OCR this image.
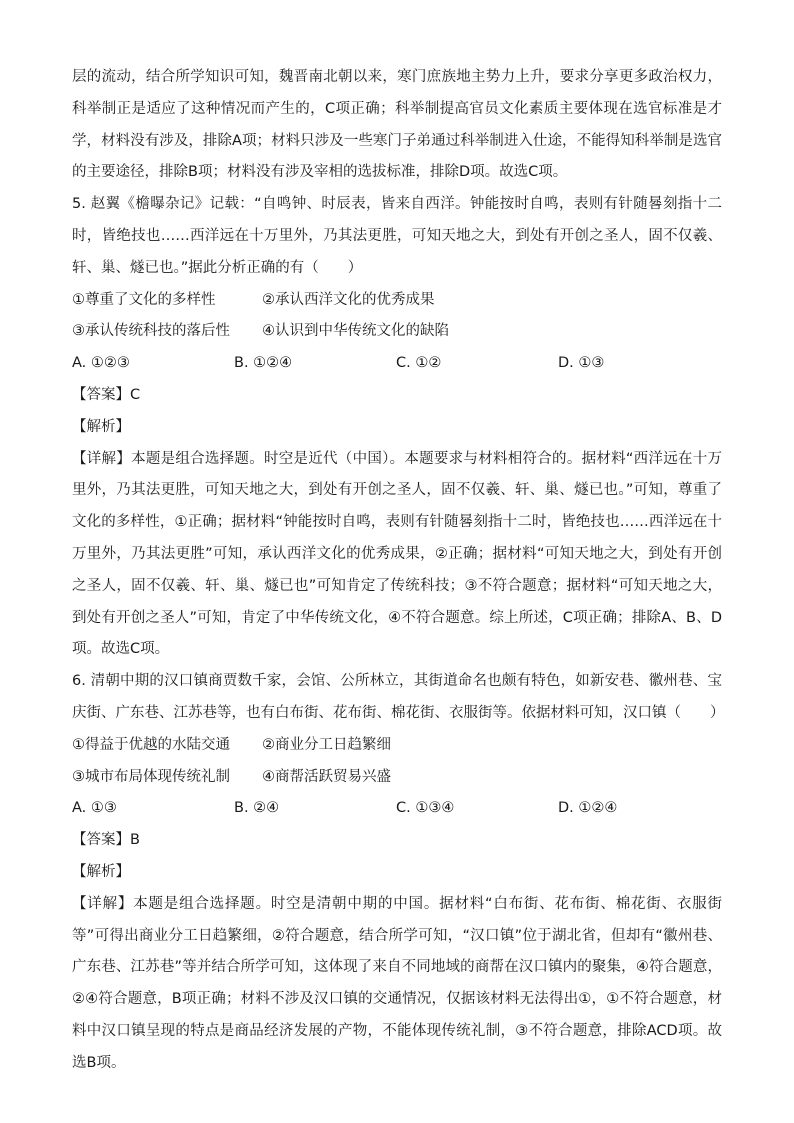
层的流动，结合所学知识可知，魏晋南北朝以来，寒门庶族地主势力上升，要求分享更多政治权力，科举制正是适应了这种情况而产生的，C项正确；科举制提高官员文化素质主要体现在选官标准是才学，材料没有涉及，排除A项；材料只涉及一些寒门子弟通过科举制进入仕途，不能得知科举制是选官的主要途径，排除B项；材料没有涉及宰相的选拔标准，排除D项。故选C项。

5. 赵翼《檐曝杂记》记载：“自鸣钟、时辰表，皆来自西洋。钟能按时自鸣，表则有针随晷刻指十二时，皆绝技也……西洋远在十万里外，乃其法更胜，可知天地之大，到处有开创之圣人，固不仅羲、轩、巢、燧已也。”据此分析正确的有（　　）

①尊重了文化的多样性	②承认西洋文化的优秀成果
③承认传统科技的落后性	④认识到中华传统文化的缺陷
A. ①②③	B. ①②④	C. ①②	D. ①③

【答案】C

【解析】

【详解】本题是组合选择题。时空是近代（中国）。本题要求与材料相符合的。据材料“西洋远在十万里外，乃其法更胜，可知天地之大，到处有开创之圣人，固不仅羲、轩、巢、燧已也。”可知，尊重了文化的多样性，①正确；据材料“钟能按时自鸣，表则有针随晷刻指十二时，皆绝技也……西洋远在十万里外，乃其法更胜”可知，承认西洋文化的优秀成果，②正确；据材料“可知天地之大，到处有开创之圣人，固不仅羲、轩、巢、燧已也”可知肯定了传统科技；③不符合题意；据材料“可知天地之大，到处有开创之圣人”可知，肯定了中华传统文化，④不符合题意。综上所述，C项正确；排除A、B、D项。故选C项。

6. 清朝中期的汉口镇商贾数千家，会馆、公所林立，其街道命名也颇有特色，如新安巷、徽州巷、宝庆街、广东巷、江苏巷等，也有白布街、花布街、棉花街、衣服街等。依据材料可知，汉口镇（　　）

①得益于优越的水陆交通	②商业分工日趋繁细
③城市布局体现传统礼制	④商帮活跃贸易兴盛
A. ①③	B. ②④	C. ①③④	D. ①②④

【答案】B

【解析】

【详解】本题是组合选择题。时空是清朝中期的中国。据材料“白布街、花布街、棉花街、衣服街等”可得出商业分工日趋繁细，②符合题意，结合所学可知，“汉口镇”位于湖北省，但却有“徽州巷、广东巷、江苏巷”等并结合所学可知，这体现了来自不同地域的商帮在汉口镇内的聚集，④符合题意，②④符合题意，B项正确；材料不涉及汉口镇的交通情况，仅据该材料无法得出①，①不符合题意，材料中汉口镇呈现的特点是商品经济发展的产物，不能体现传统礼制，③不符合题意，排除ACD项。故选B项。
